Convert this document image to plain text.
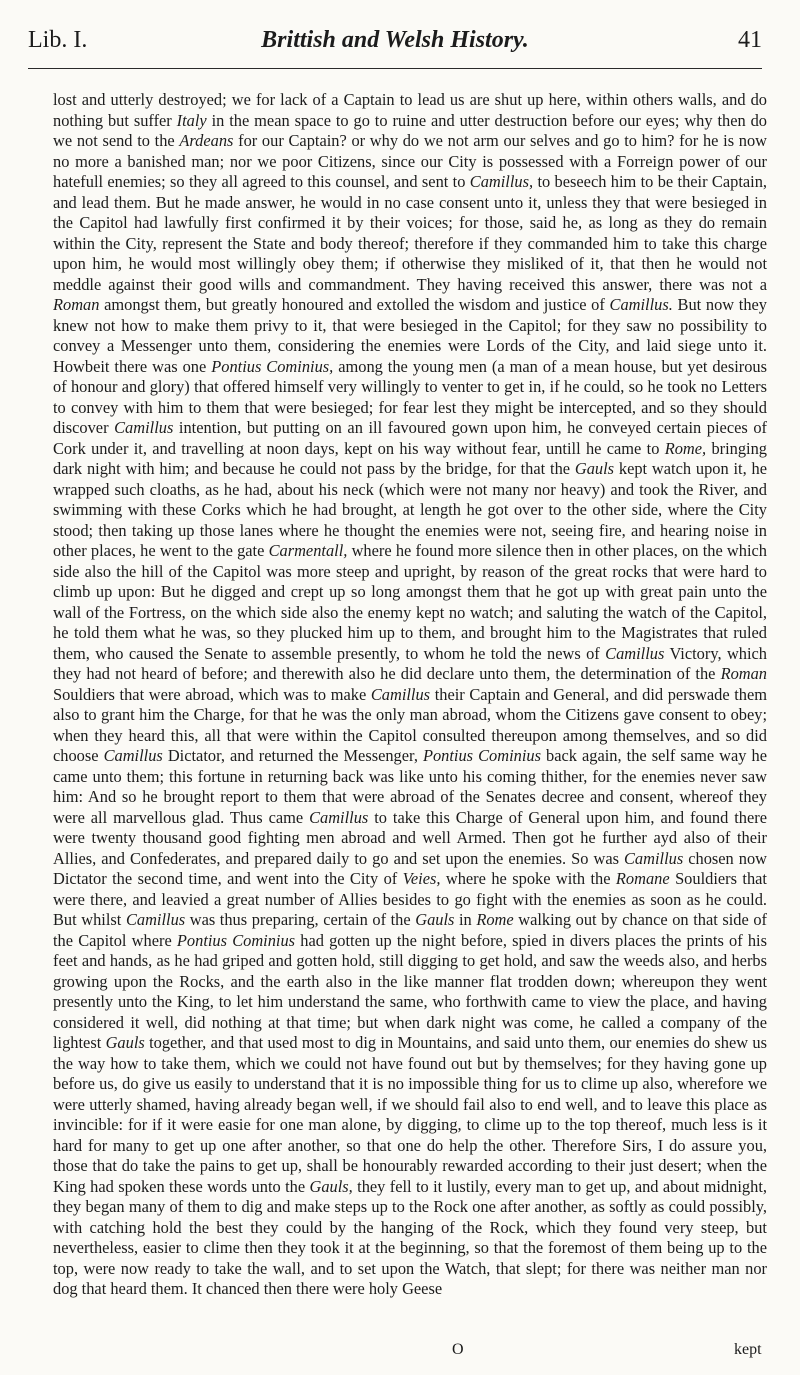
Lib. I.	Brittish and Welsh History.	41

lost and utterly destroyed; we for lack of a Captain to lead us are shut up here, within others walls, and do nothing but suffer Italy in the mean space to go to ruine and utter destruction before our eyes; why then do we not send to the Ardeans for our Captain? or why do we not arm our selves and go to him? for he is now no more a banished man; nor we poor Citizens, since our City is possessed with a Forreign power of our hatefull enemies; so they all agreed to this counsel, and sent to Camillus, to beseech him to be their Captain, and lead them. But he made answer, he would in no case consent unto it, unless they that were besieged in the Capitol had lawfully first confirmed it by their voices; for those, said he, as long as they do remain within the City, represent the State and body thereof; therefore if they commanded him to take this charge upon him, he would most willingly obey them; if otherwise they misliked of it, that then he would not meddle against their good wills and commandment. They having received this answer, there was not a Roman amongst them, but greatly honoured and extolled the wisdom and justice of Camillus. But now they knew not how to make them privy to it, that were besieged in the Capitol; for they saw no possibility to convey a Messenger unto them, considering the enemies were Lords of the City, and laid siege unto it. Howbeit there was one Pontius Cominius, among the young men (a man of a mean house, but yet desirous of honour and glory) that offered himself very willingly to venter to get in, if he could, so he took no Letters to convey with him to them that were besieged; for fear lest they might be intercepted, and so they should discover Camillus intention, but putting on an ill favoured gown upon him, he conveyed certain pieces of Cork under it, and travelling at noon days, kept on his way without fear, untill he came to Rome, bringing dark night with him; and because he could not pass by the bridge, for that the Gauls kept watch upon it, he wrapped such cloaths, as he had, about his neck (which were not many nor heavy) and took the River, and swimming with these Corks which he had brought, at length he got over to the other side, where the City stood; then taking up those lanes where he thought the enemies were not, seeing fire, and hearing noise in other places, he went to the gate Carmentall, where he found more silence then in other places, on the which side also the hill of the Capitol was more steep and upright, by reason of the great rocks that were hard to climb up upon: But he digged and crept up so long amongst them that he got up with great pain unto the wall of the Fortress, on the which side also the enemy kept no watch; and saluting the watch of the Capitol, he told them what he was, so they plucked him up to them, and brought him to the Magistrates that ruled them, who caused the Senate to assemble presently, to whom he told the news of Camillus Victory, which they had not heard of before; and therewith also he did declare unto them, the determination of the Roman Souldiers that were abroad, which was to make Camillus their Captain and General, and did perswade them also to grant him the Charge, for that he was the only man abroad, whom the Citizens gave consent to obey; when they heard this, all that were within the Capitol consulted thereupon among themselves, and so did choose Camillus Dictator, and returned the Messenger, Pontius Cominius back again, the self same way he came unto them; this fortune in returning back was like unto his coming thither, for the enemies never saw him: And so he brought report to them that were abroad of the Senates decree and consent, whereof they were all marvellous glad. Thus came Camillus to take this Charge of General upon him, and found there were twenty thousand good fighting men abroad and well Armed. Then got he further ayd also of their Allies, and Confederates, and prepared daily to go and set upon the enemies. So was Camillus chosen now Dictator the second time, and went into the City of Veies, where he spoke with the Romane Souldiers that were there, and leavied a great number of Allies besides to go fight with the enemies as soon as he could. But whilst Camillus was thus preparing, certain of the Gauls in Rome walking out by chance on that side of the Capitol where Pontius Cominius had gotten up the night before, spied in divers places the prints of his feet and hands, as he had griped and gotten hold, still digging to get hold, and saw the weeds also, and herbs growing upon the Rocks, and the earth also in the like manner flat trodden down; whereupon they went presently unto the King, to let him understand the same, who forthwith came to view the place, and having considered it well, did nothing at that time; but when dark night was come, he called a company of the lightest Gauls together, and that used most to dig in Mountains, and said unto them, our enemies do shew us the way how to take them, which we could not have found out but by themselves; for they having gone up before us, do give us easily to understand that it is no impossible thing for us to clime up also, wherefore we were utterly shamed, having already began well, if we should fail also to end well, and to leave this place as invincible: for if it were easie for one man alone, by digging, to clime up to the top thereof, much less is it hard for many to get up one after another, so that one do help the other. Therefore Sirs, I do assure you, those that do take the pains to get up, shall be honourably rewarded according to their just desert; when the King had spoken these words unto the Gauls, they fell to it lustily, every man to get up, and about midnight, they began many of them to dig and make steps up to the Rock one after another, as softly as could possibly, with catching hold the best they could by the hanging of the Rock, which they found very steep, but nevertheless, easier to clime then they took it at the beginning, so that the foremost of them being up to the top, were now ready to take the wall, and to set upon the Watch, that slept; for there was neither man nor dog that heard them. It chanced then there were holy Geese

O	kept
